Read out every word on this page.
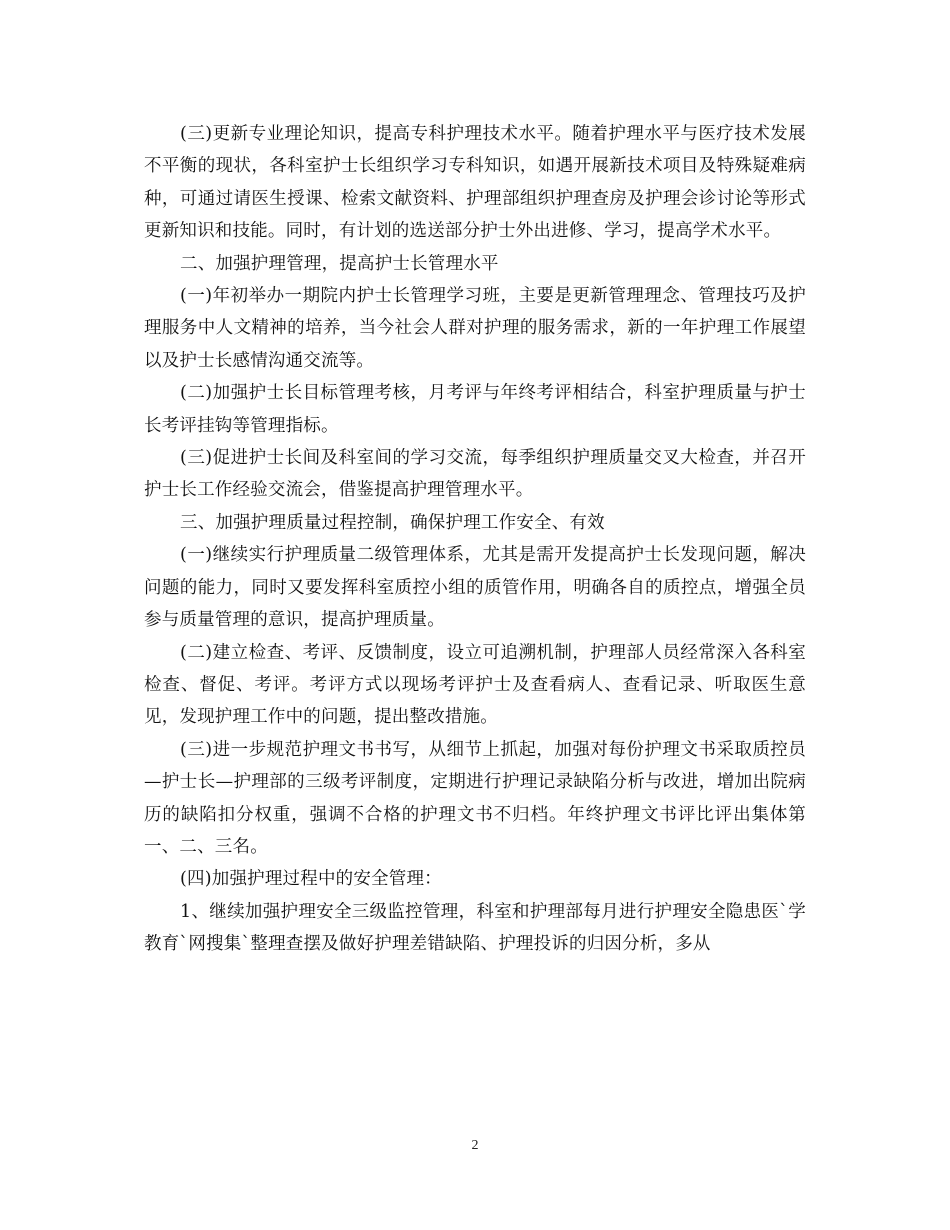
(三)更新专业理论知识，提高专科护理技术水平。随着护理水平与医疗技术发展不平衡的现状，各科室护士长组织学习专科知识，如遇开展新技术项目及特殊疑难病种，可通过请医生授课、检索文献资料、护理部组织护理查房及护理会诊讨论等形式更新知识和技能。同时，有计划的选送部分护士外出进修、学习，提高学术水平。

二、加强护理管理，提高护士长管理水平

(一)年初举办一期院内护士长管理学习班，主要是更新管理理念、管理技巧及护理服务中人文精神的培养，当今社会人群对护理的服务需求，新的一年护理工作展望以及护士长感情沟通交流等。

(二)加强护士长目标管理考核，月考评与年终考评相结合，科室护理质量与护士长考评挂钩等管理指标。

(三)促进护士长间及科室间的学习交流，每季组织护理质量交叉大检查，并召开护士长工作经验交流会，借鉴提高护理管理水平。

三、加强护理质量过程控制，确保护理工作安全、有效

(一)继续实行护理质量二级管理体系，尤其是需开发提高护士长发现问题，解决问题的能力，同时又要发挥科室质控小组的质管作用，明确各自的质控点，增强全员参与质量管理的意识，提高护理质量。

(二)建立检查、考评、反馈制度，设立可追溯机制，护理部人员经常深入各科室检查、督促、考评。考评方式以现场考评护士及查看病人、查看记录、听取医生意见，发现护理工作中的问题，提出整改措施。

(三)进一步规范护理文书书写，从细节上抓起，加强对每份护理文书采取质控员—护士长—护理部的三级考评制度，定期进行护理记录缺陷分析与改进，增加出院病历的缺陷扣分权重，强调不合格的护理文书不归档。年终护理文书评比评出集体第一、二、三名。

(四)加强护理过程中的安全管理：

1、继续加强护理安全三级监控管理，科室和护理部每月进行护理安全隐患医`学教育`网搜集`整理查摆及做好护理差错缺陷、护理投诉的归因分析，多从

2
